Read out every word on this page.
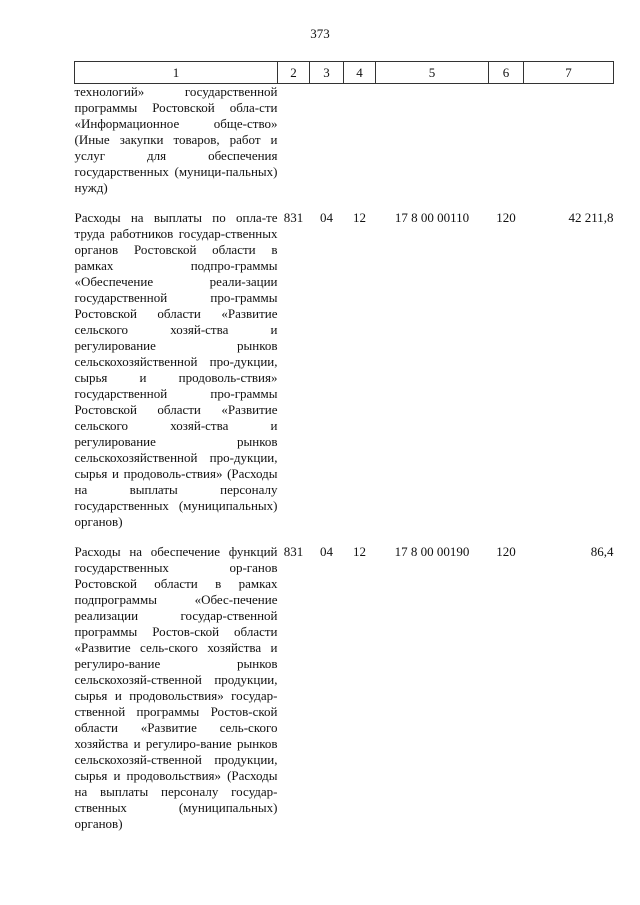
373
1	2	3	4	5	6	7
технологий» государственной программы Ростовской обла-сти «Информационное обще-ство» (Иные закупки товаров, работ и услуг для обеспечения государственных (муници-пальных) нужд)						

Расходы на выплаты по опла-те труда работников государ-ственных органов Ростовской области в рамках подпро-граммы «Обеспечение реали-зации государственной про-граммы Ростовской области «Развитие сельского хозяй-ства и регулирование рынков сельскохозяйственной про-дукции, сырья и продоволь-ствия» государственной про-граммы Ростовской области «Развитие сельского хозяй-ства и регулирование рынков сельскохозяйственной про-дукции, сырья и продоволь-ствия» (Расходы на выплаты персоналу государственных (муниципальных) органов)	831	04	12	17 8 00 00110	120	42 211,8

Расходы на обеспечение функций государственных ор-ганов Ростовской области в рамках подпрограммы «Обес-печение реализации государ-ственной программы Ростов-ской области «Развитие сель-ского хозяйства и регулиро-вание рынков сельскохозяй-ственной продукции, сырья и продовольствия» государ-ственной программы Ростов-ской области «Развитие сель-ского хозяйства и регулиро-вание рынков сельскохозяй-ственной продукции, сырья и продовольствия» (Расходы на выплаты персоналу государ-ственных (муниципальных) органов)	831	04	12	17 8 00 00190	120	86,4
